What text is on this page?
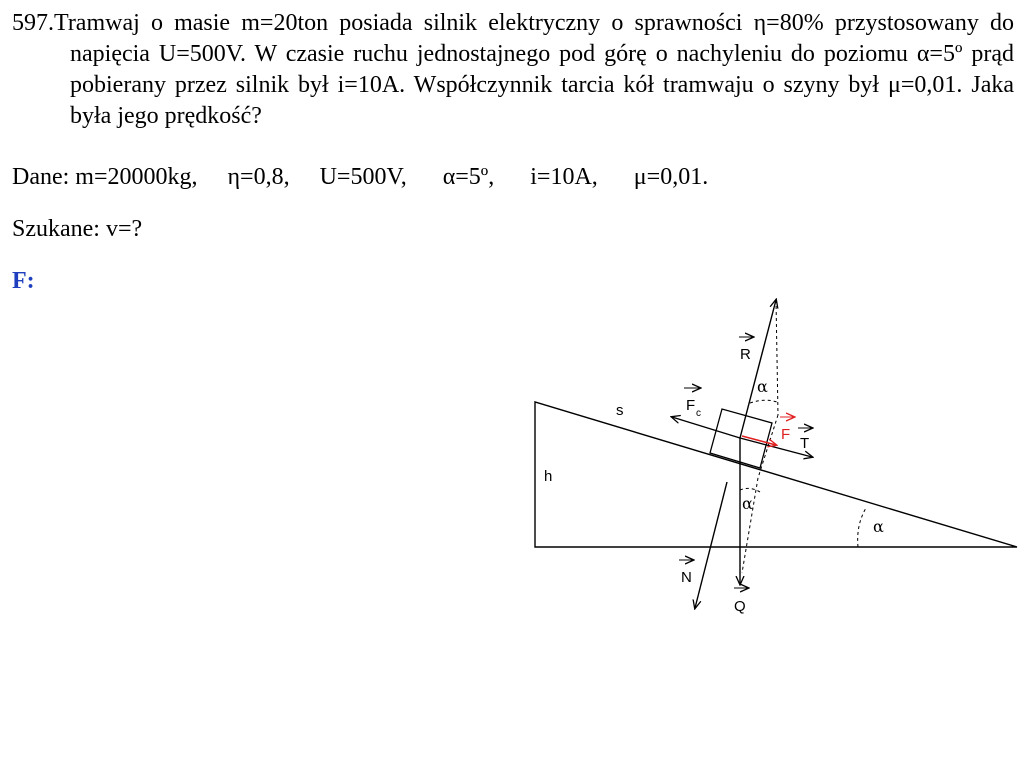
597.Tramwaj o masie m=20ton posiada silnik elektryczny o sprawności η=80% przystosowany do napięcia U=500V. W czasie ruchu jednostajnego pod górę o nachyleniu do poziomu α=5º prąd pobierany przez silnik był i=10A. Współczynnik tarcia kół tramwaju o szyny był μ=0,01. Jaka była jego prędkość?
Dane: m=20000kg,     η=0,8,     U=500V,      α=5º,      i=10A,      μ=0,01.
Szukane: v=?
F:
R
F c
F
T
N
Q
s
h
α
α
α
